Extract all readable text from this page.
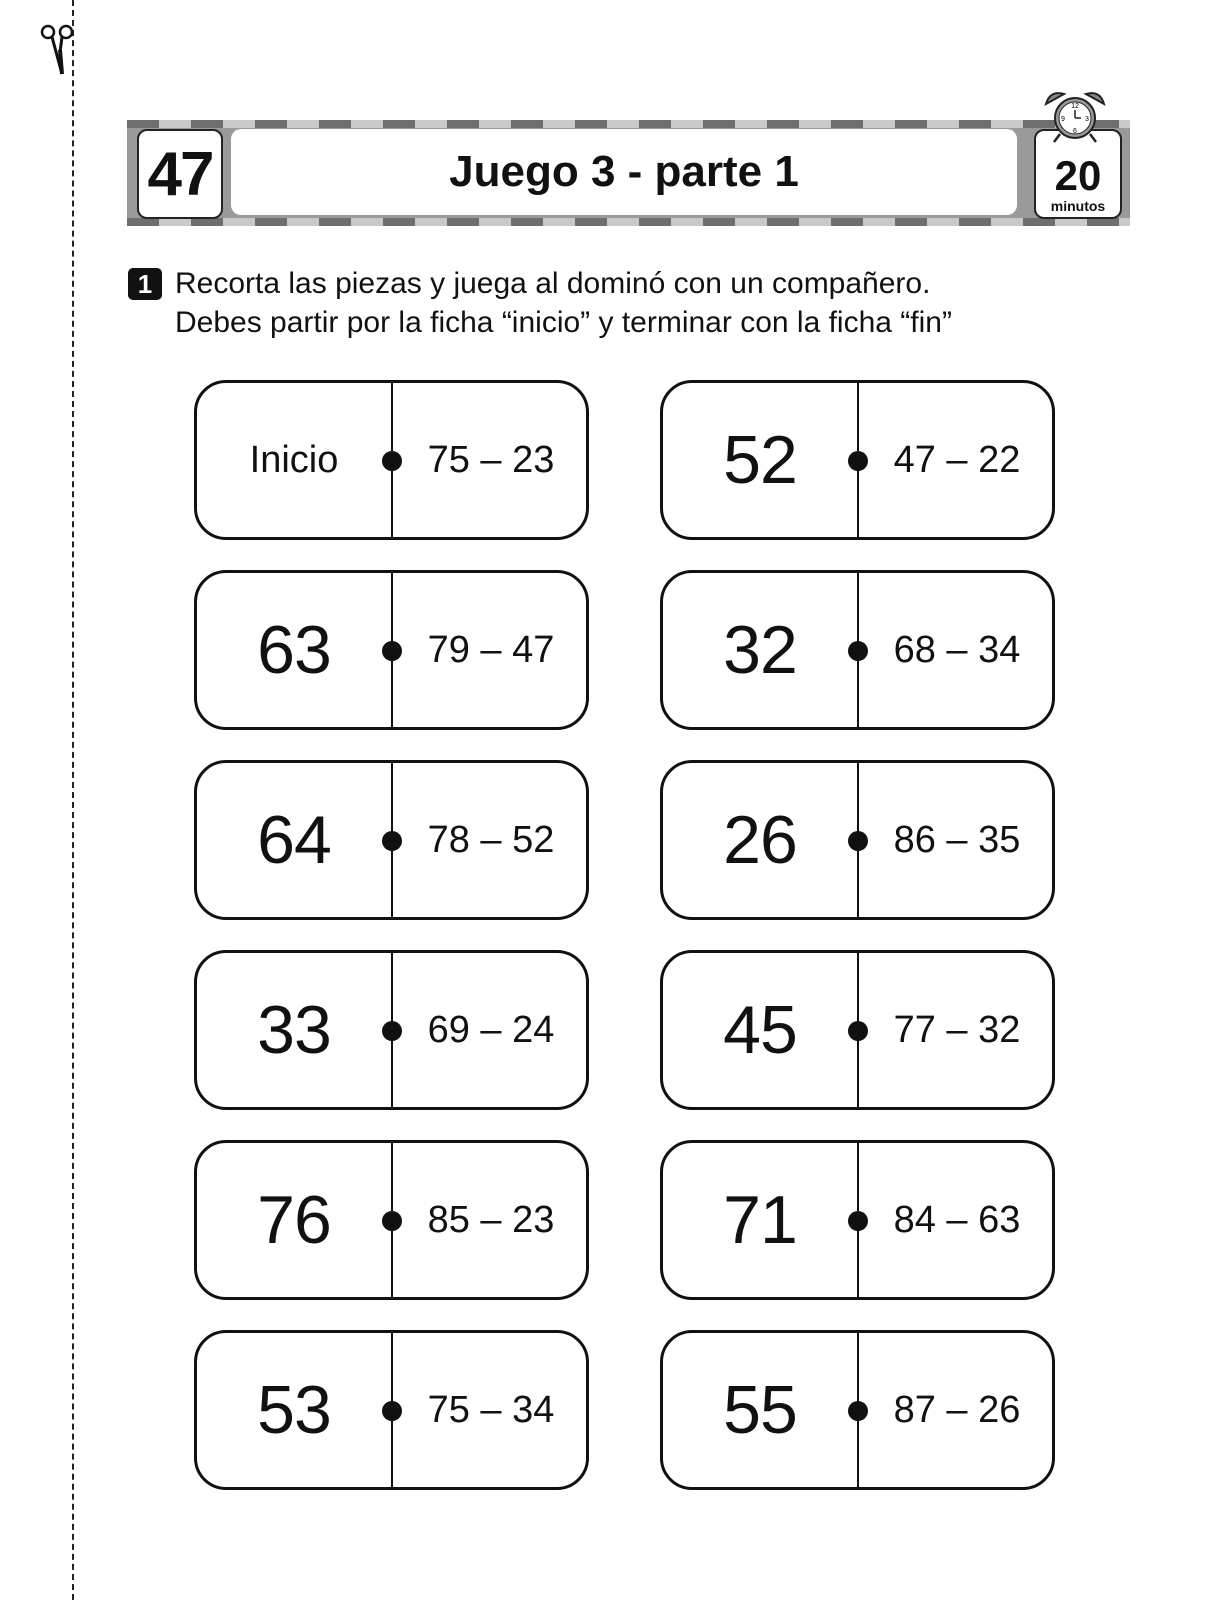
47	Juego 3 - parte 1	20
minutos
12
3
6
9
1 Recorta las piezas y juega al dominó con un compañero.
Debes partir por la ficha “inicio” y terminar con la ficha “fin”
Inicio	75 – 23	52	47 – 22
63	79 – 47	32	68 – 34
64	78 – 52	26	86 – 35
33	69 – 24	45	77 – 32
76	85 – 23	71	84 – 63
53	75 – 34	55	87 – 26
